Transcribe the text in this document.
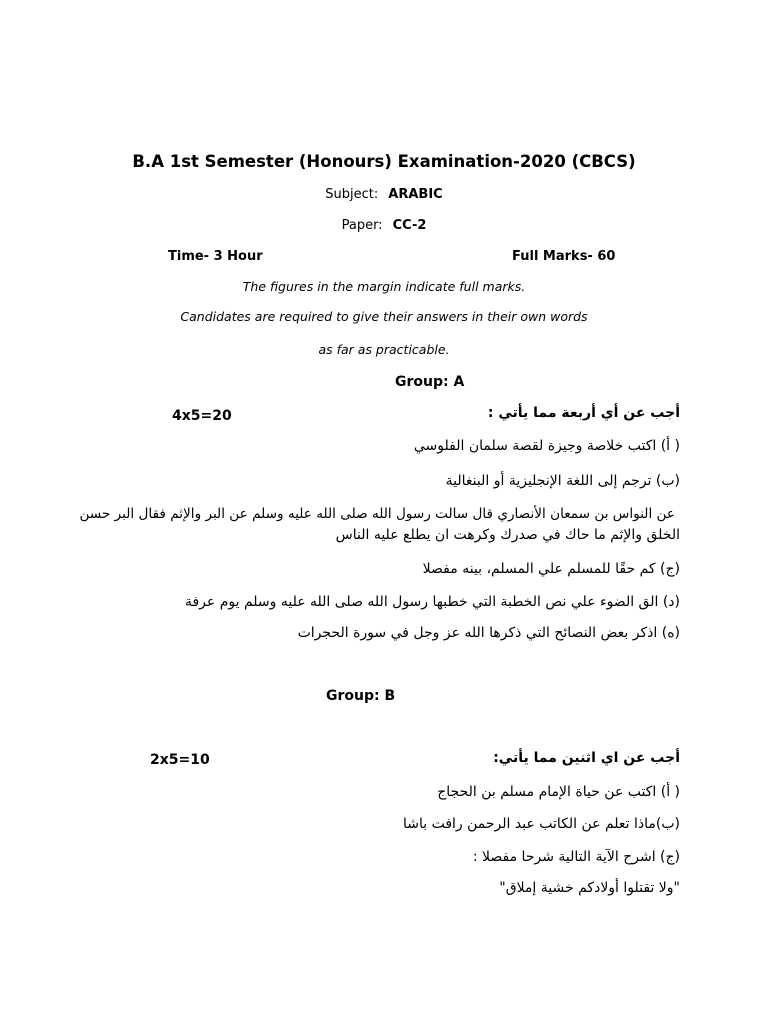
B.A 1st Semester (Honours) Examination-2020 (CBCS)
Subject: ARABIC
Paper: CC-2
Time- 3 Hour	Full Marks- 60
The figures in the margin indicate full marks.
Candidates are required to give their answers in their own words
as far as practicable.
Group: A
4x5=20	أجب عن أي أربعة مما يأتي :
( أ) اكتب خلاصة وجيزة لقصة سلمان الفلوسي
(ب) ترجم إلى اللغة الإنجليزية أو البنغالية
عن النواس بن سمعان الأنصاري قال سالت رسول الله صلى الله عليه وسلم عن البر والإثم فقال البر حسن
الخلق والإثم ما حاك في صدرك وكرهت ان يطلع عليه الناس
(ج) كم حقًا للمسلم علي المسلم، بينه مفصلا
(د) الق الضوء علي نص الخطبة التي خطبها رسول الله صلى الله عليه وسلم يوم عرفة
(ه) اذكر بعض النصائح التي ذكرها الله عز وجل في سورة الحجرات
Group: B
2x5=10	أجب عن اي اثنين مما يأتي:
( أ) اكتب عن حياة الإمام مسلم بن الحجاج
(ب)ماذا تعلم عن الكاتب عبد الرحمن رافت باشا
(ج) اشرح الآية التالية شرحا مفصلا :
"ولا تقتلوا أولادكم خشية إملاق"
